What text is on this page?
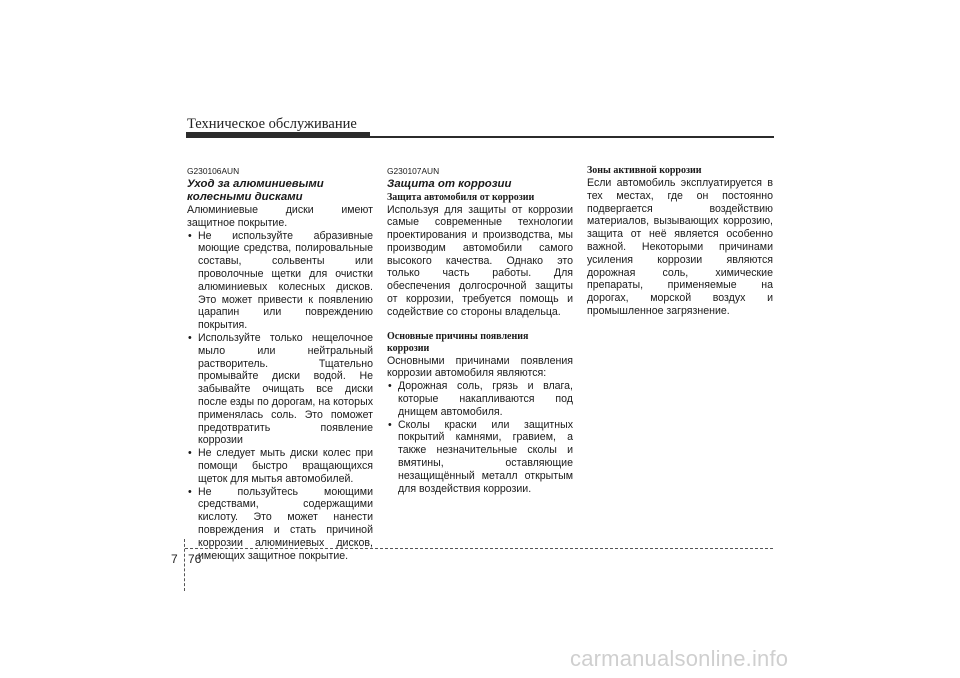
Техническое обслуживание
G230106AUN
Уход за алюминиевыми колесными дисками

Алюминиевые диски имеют защитное покрытие.

• Не используйте абразивные моющие средства, полировальные составы, сольвенты или проволочные щетки для очистки алюминиевых колесных дисков. Это может привести к появлению царапин или повреждению покрытия.
• Используйте только нещелочное мыло или нейтральный растворитель. Тщательно промывайте диски водой. Не забывайте очищать все диски после езды по дорогам, на которых применялась соль. Это поможет предотвратить появление коррозии
• Не следует мыть диски колес при помощи быстро вращающихся щеток для мытья автомобилей.
• Не пользуйтесь моющими средствами, содержащими кислоту. Это может нанести повреждения и стать причиной коррозии алюминиевых дисков, имеющих защитное покрытие.
G230107AUN
Защита от коррозии
Защита автомобиля от коррозии

Используя для защиты от коррозии самые современные технологии проектирования и производства, мы производим автомобили самого высокого качества. Однако это только часть работы. Для обеспечения долгосрочной защиты от коррозии, требуется помощь и содействие со стороны владельца.

Основные причины появления коррозии

Основными причинами появления коррозии автомобиля являются:

• Дорожная соль, грязь и влага, которые накапливаются под днищем автомобиля.
• Сколы краски или защитных покрытий камнями, гравием, а также незначительные сколы и вмятины, оставляющие незащищённый металл открытым для воздействия коррозии.
Зоны активной коррозии

Если автомобиль эксплуатируется в тех местах, где он постоянно подвергается воздействию материалов, вызывающих коррозию, защита от неё является особенно важной. Некоторыми причинами усиления коррозии являются дорожная соль, химические препараты, применяемые на дорогах, морской воздух и промышленное загрязнение.

7 76
carmanualsonline.info
